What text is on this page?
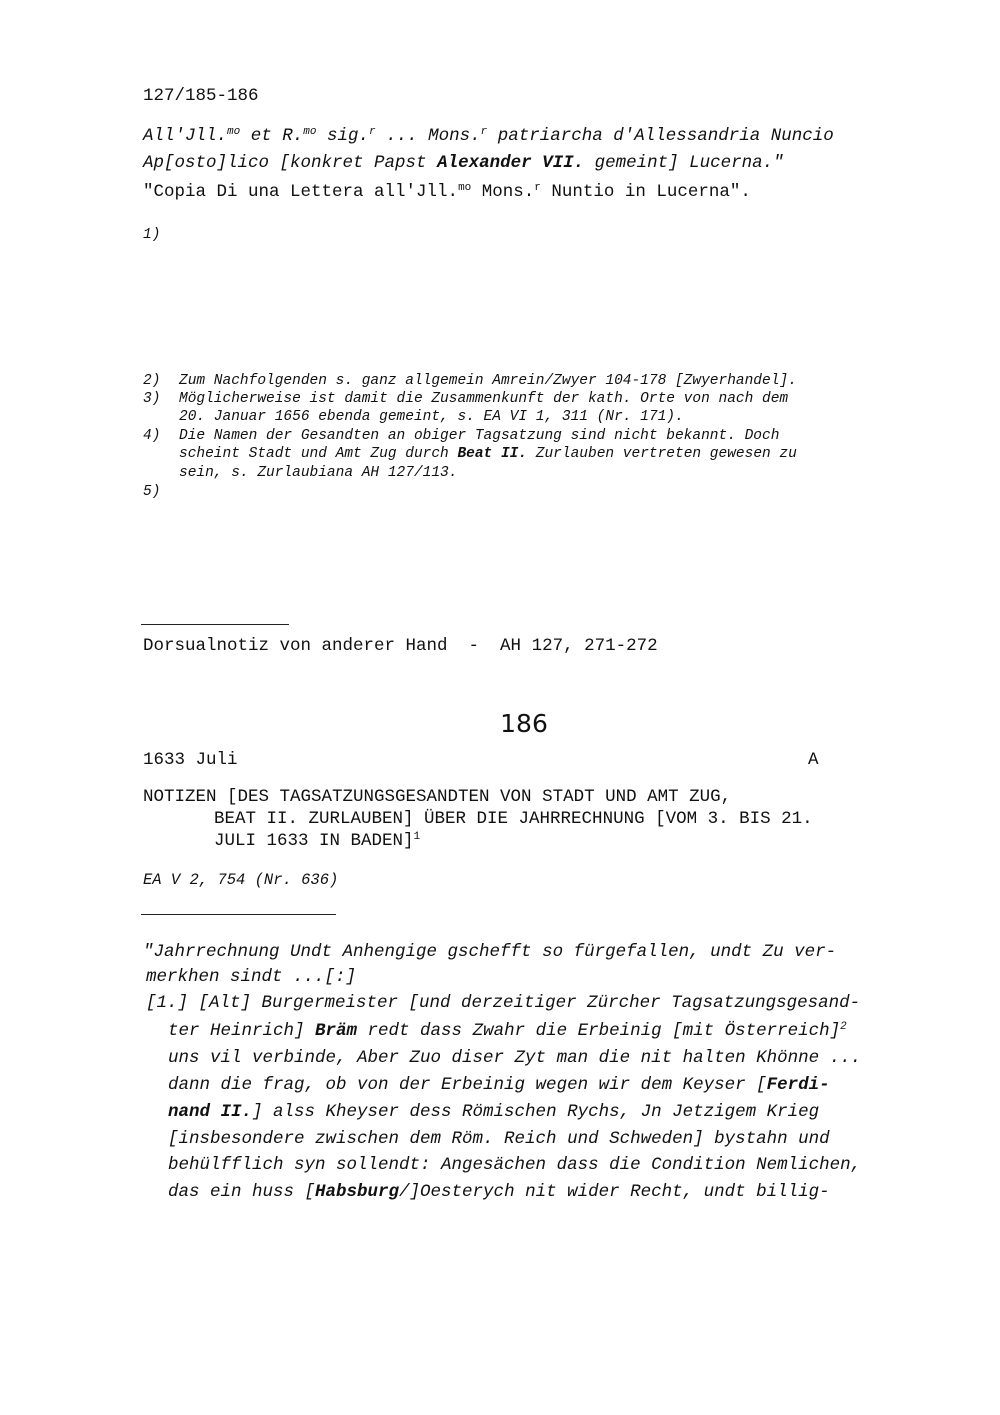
127/185-186
All'Jll.$^{mo}$ et R.$^{mo}$ sig.$^r$ ... Mons.$^r$ patriarcha d'Allessandria Nuncio
Ap[osto]lico [konkret Papst Alexander VII. gemeint] Lucerna."
"Copia Di una Lettera all'Jll.$^{mo}$ Mons.$^r$ Nuntio in Lucerna".
1)
2) Zum Nachfolgenden s. ganz allgemein Amrein/Zwyer 104-178 [Zwyerhandel].
3) Möglicherweise ist damit die Zusammenkunft der kath. Orte von nach dem
20. Januar 1656 ebenda gemeint, s. EA VI 1, 311 (Nr. 171).
4) Die Namen der Gesandten an obiger Tagsatzung sind nicht bekannt. Doch
scheint Stadt und Amt Zug durch Beat II. Zurlauben vertreten gewesen zu
sein, s. Zurlaubiana AH 127/113.
5)
Dorsualnotiz von anderer Hand  -  AH 127, 271-272
186
1633 Juli	A
NOTIZEN [DES TAGSATZUNGSGESANDTEN VON STADT UND AMT ZUG,
BEAT II. ZURLAUBEN] ÜBER DIE JAHRRECHNUNG [VOM 3. BIS 21.
JULI 1633 IN BADEN]$^1$
EA V 2, 754 (Nr. 636)
"Jahrrechnung Undt Anhengige gschefft so fürgefallen, undt Zu ver-
merkhen sindt ...[:]
[1.] [Alt] Burgermeister [und derzeitiger Zürcher Tagsatzungsgesand-
ter Heinrich] Bräm redt dass Zwahr die Erbeinig [mit Österreich]$^2$
uns vil verbinde, Aber Zuo diser Zyt man die nit halten Khönne ...
dann die frag, ob von der Erbeinig wegen wir dem Keyser [Ferdi-
nand II.] alss Kheyser dess Römischen Rychs, Jn Jetzigem Krieg
[insbesondere zwischen dem Röm. Reich und Schweden] bystahn und
behülfflich syn sollendt: Angesächen dass die Condition Nemlichen,
das ein huss [Habsburg/]Oesterych nit wider Recht, undt billig-
